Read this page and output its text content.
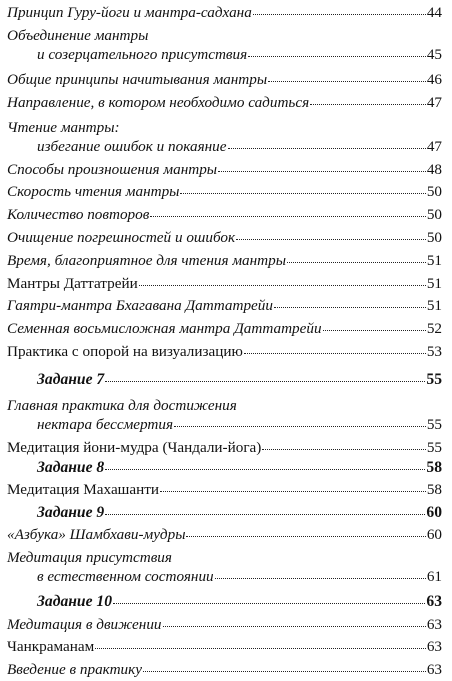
Принцип Гуру-йоги и мантра-садхана	44
Объединение мантры
и созерцательного присутствия	45
Общие принципы начитывания мантры	46
Направление, в котором необходимо садиться	47
Чтение мантры:
избегание ошибок и покаяние	47
Способы произношения мантры	48
Скорость чтения мантры	50
Количество повторов	50
Очищение погрешностей и ошибок	50
Время, благоприятное для чтения мантры	51
Мантры Даттатрейи	51
Гаятри-мантра Бхагавана Даттатрейи	51
Семенная восьмисложная мантра Даттатрейи	52
Практика с опорой на визуализацию	53
Задание 7	55
Главная практика для достижения
нектара бессмертия	55
Медитация йони-мудра (Чандали-йога)	55
Задание 8	58
Медитация Махашанти	58
Задание 9	60
«Азбука» Шамбхави-мудры	60
Медитация присутствия
в естественном состоянии	61
Задание 10	63
Медитация в движении	63
Чанкраманам	63
Введение в практику	63
